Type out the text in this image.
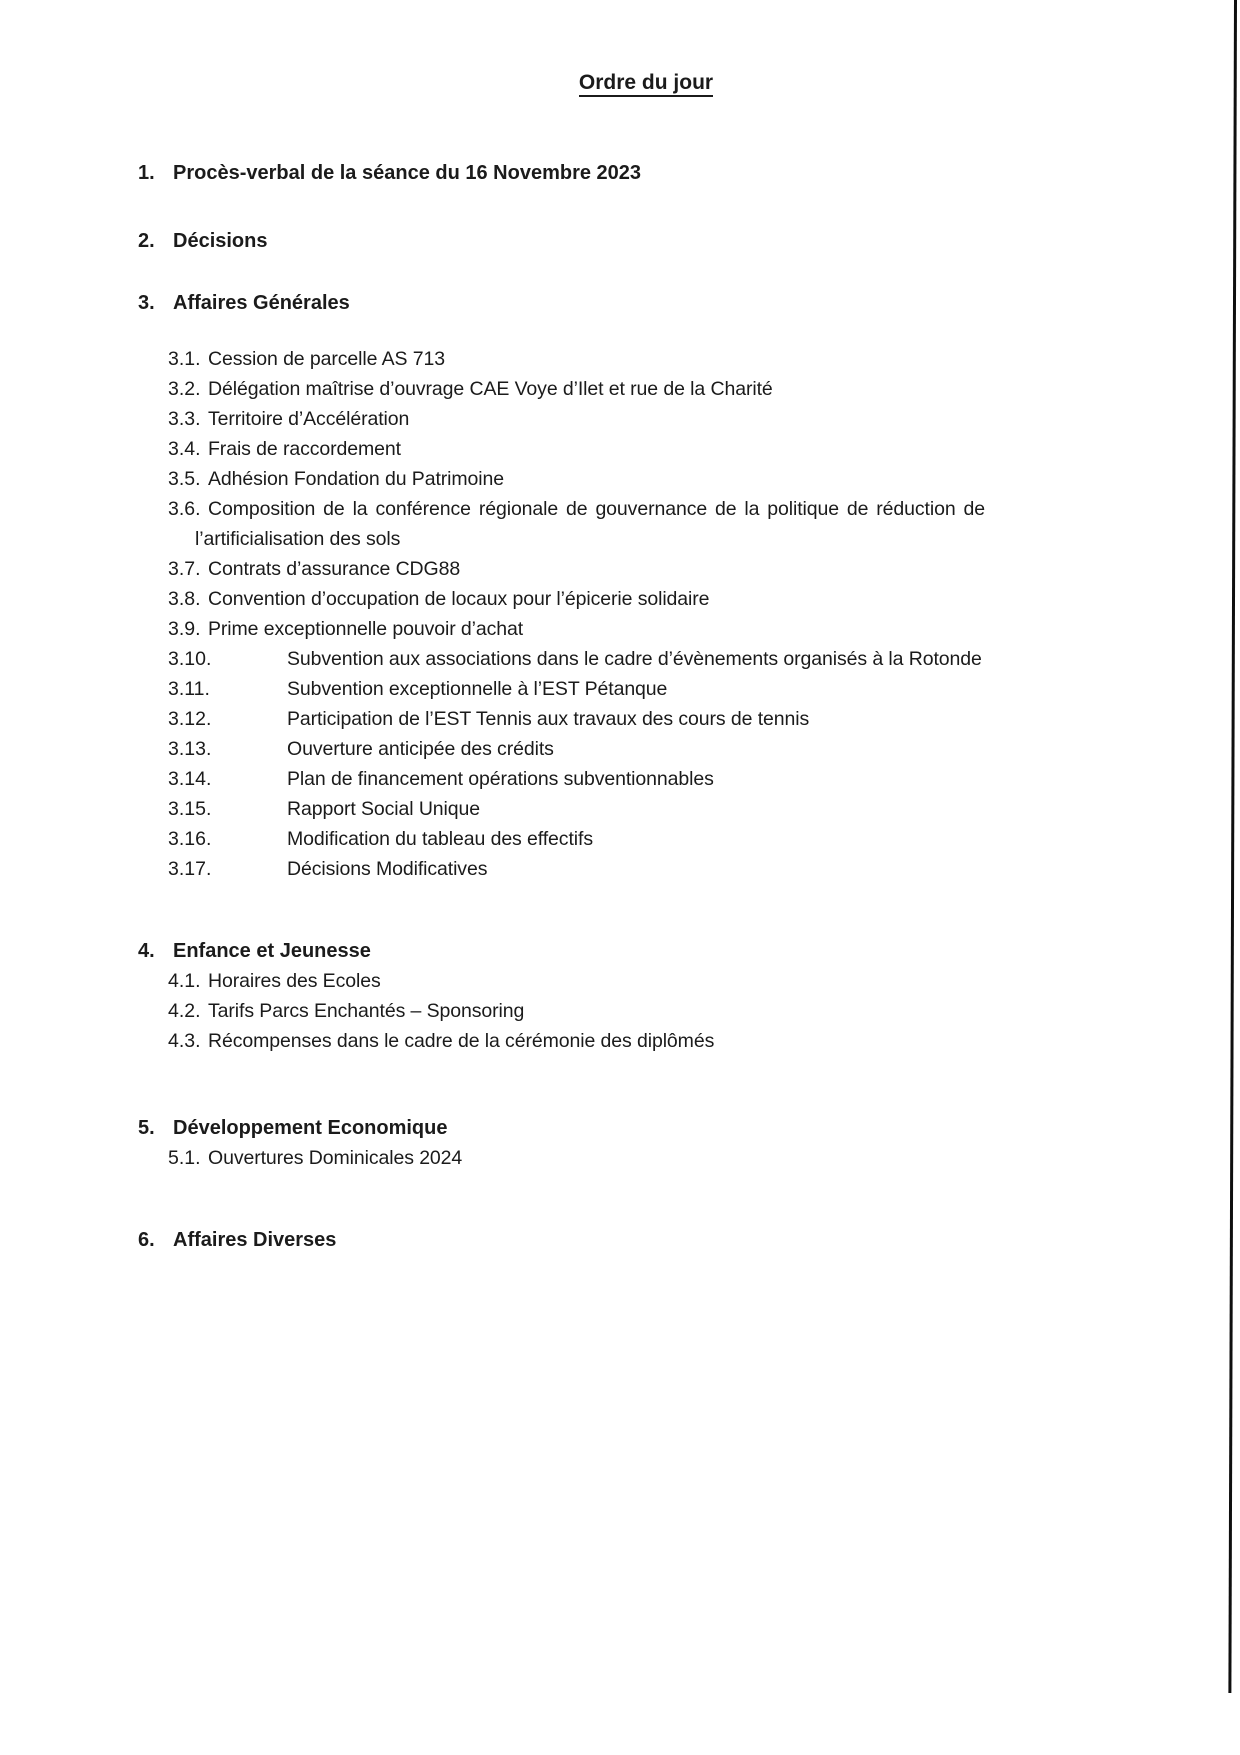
Ordre du jour
1. Procès-verbal de la séance du 16 Novembre 2023
2. Décisions
3. Affaires Générales
3.1. Cession de parcelle AS 713
3.2. Délégation maîtrise d’ouvrage CAE Voye d’Ilet et rue de la Charité
3.3. Territoire d’Accélération
3.4. Frais de raccordement
3.5. Adhésion Fondation du Patrimoine
3.6. Composition de la conférence régionale de gouvernance de la politique de réduction de l’artificialisation des sols
3.7. Contrats d’assurance CDG88
3.8. Convention d’occupation de locaux pour l’épicerie solidaire
3.9. Prime exceptionnelle pouvoir d’achat
3.10.	Subvention aux associations dans le cadre d’évènements organisés à la Rotonde
3.11.	Subvention exceptionnelle à l’EST Pétanque
3.12.	Participation de l’EST Tennis aux travaux des cours de tennis
3.13.	Ouverture anticipée des crédits
3.14.	Plan de financement opérations subventionnables
3.15.	Rapport Social Unique
3.16.	Modification du tableau des effectifs
3.17.	Décisions Modificatives
4. Enfance et Jeunesse
4.1. Horaires des Ecoles
4.2. Tarifs Parcs Enchantés – Sponsoring
4.3. Récompenses dans le cadre de la cérémonie des diplômés
5. Développement Economique
5.1. Ouvertures Dominicales 2024
6. Affaires Diverses
